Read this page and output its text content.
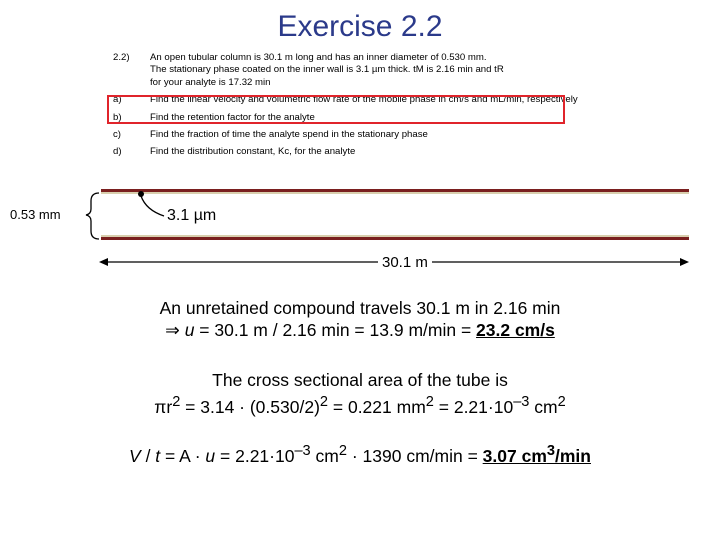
Exercise 2.2
2.2)	An open tubular column is 30.1 m long and has an inner diameter of 0.530 mm.
The stationary phase coated on the inner wall is 3.1 µm thick. tM is 2.16 min and tR
for your analyte is 17.32 min
a)	Find the linear velocity and volumetric flow rate of the mobile phase in cm/s and mL/min, respectively
b)	Find the retention factor for the analyte
c)	Find the fraction of time the analyte spend in the stationary phase
d)	Find the distribution constant, Kc, for the analyte
0.53 mm	3.1 µm
30.1 m
An unretained compound travels 30.1 m in 2.16 min
⇒ u = 30.1 m / 2.16 min = 13.9 m/min = 23.2 cm/s
The cross sectional area of the tube is
$\pi r^2 = 3.14 \cdot (0.530/2)^2 = 0.221$ $mm^2 = 2.21\cdot 10^{-3}$ $cm^2$
$V / t = A \cdot u = 2.21\cdot 10^{-3}$ $cm^2 \cdot 1390$ cm/min = 3.07 $cm^3/\min$
